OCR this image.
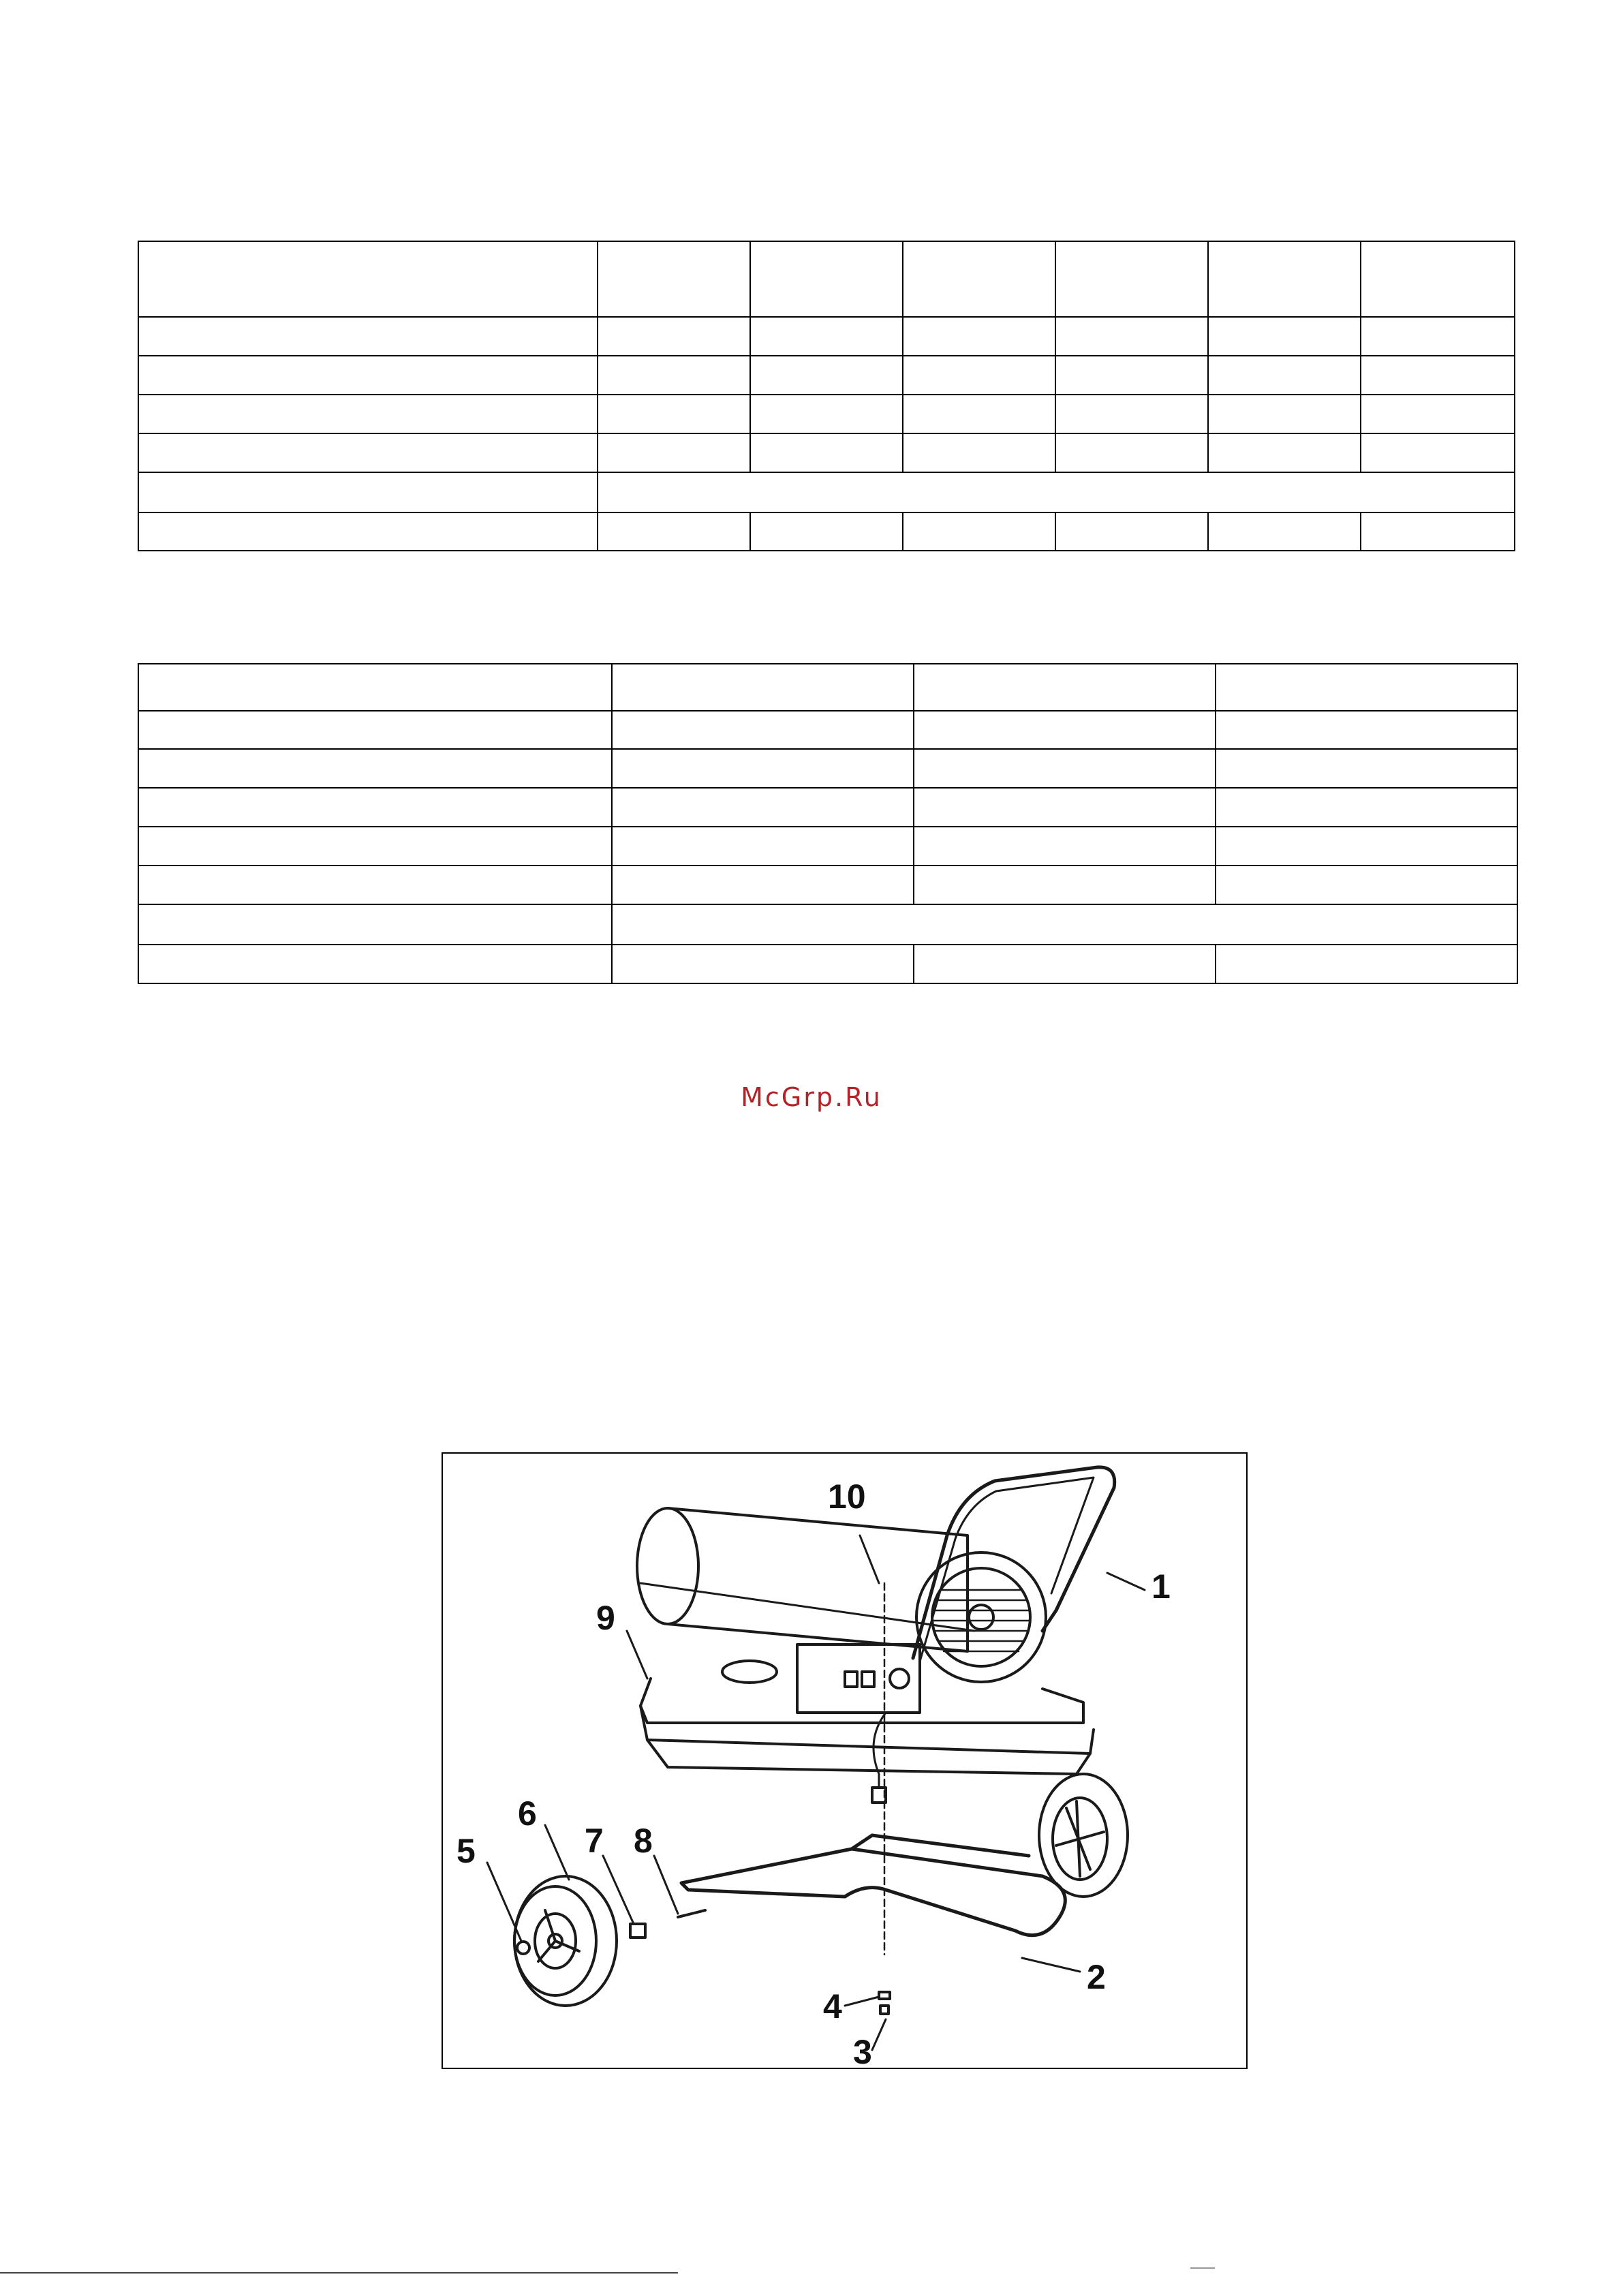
McGrp.Ru
1
2
3
4
5
6
7 8
9
10
